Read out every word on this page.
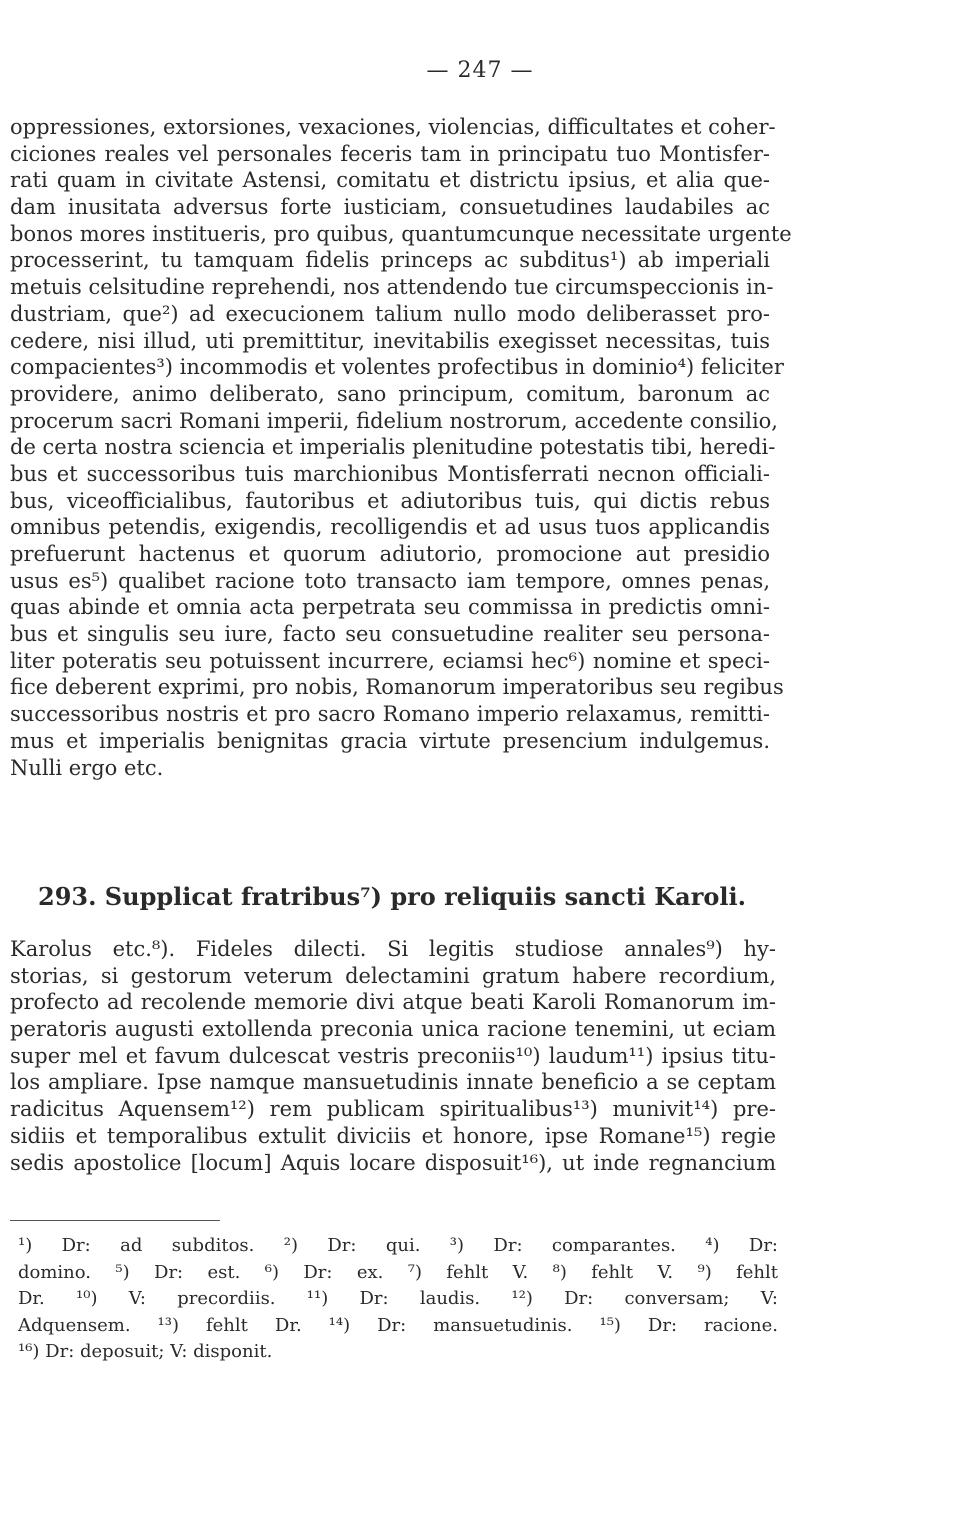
— 247 —
oppressiones, extorsiones, vexaciones, violencias, difficultates et coher-
ciciones reales vel personales feceris tam in principatu tuo Montisfer-
rati quam in civitate Astensi, comitatu et districtu ipsius, et alia que-
dam inusitata adversus forte iusticiam, consuetudines laudabiles ac
bonos mores institueris, pro quibus, quantumcunque necessitate urgente
processerint, tu tamquam fidelis princeps ac subditus¹) ab imperiali
metuis celsitudine reprehendi, nos attendendo tue circumspeccionis in-
dustriam, que²) ad execucionem talium nullo modo deliberasset pro-
cedere, nisi illud, uti premittitur, inevitabilis exegisset necessitas, tuis
compacientes³) incommodis et volentes profectibus in dominio⁴) feliciter
providere, animo deliberato, sano principum, comitum, baronum ac
procerum sacri Romani imperii, fidelium nostrorum, accedente consilio,
de certa nostra sciencia et imperialis plenitudine potestatis tibi, heredi-
bus et successoribus tuis marchionibus Montisferrati necnon officiali-
bus, viceofficialibus, fautoribus et adiutoribus tuis, qui dictis rebus
omnibus petendis, exigendis, recolligendis et ad usus tuos applicandis
prefuerunt hactenus et quorum adiutorio, promocione aut presidio
usus es⁵) qualibet racione toto transacto iam tempore, omnes penas,
quas abinde et omnia acta perpetrata seu commissa in predictis omni-
bus et singulis seu iure, facto seu consuetudine realiter seu persona-
liter poteratis seu potuissent incurrere, eciamsi hec⁶) nomine et speci-
fice deberent exprimi, pro nobis, Romanorum imperatoribus seu regibus
successoribus nostris et pro sacro Romano imperio relaxamus, remitti-
mus et imperialis benignitas gracia virtute presencium indulgemus.
Nulli ergo etc.
293. Supplicat fratribus⁷) pro reliquiis sancti Karoli.
Karolus etc.⁸). Fideles dilecti. Si legitis studiose annales⁹) hy-
storias, si gestorum veterum delectamini gratum habere recordium,
profecto ad recolende memorie divi atque beati Karoli Romanorum im-
peratoris augusti extollenda preconia unica racione tenemini, ut eciam
super mel et favum dulcescat vestris preconiis¹⁰) laudum¹¹) ipsius titu-
los ampliare. Ipse namque mansuetudinis innate beneficio a se ceptam
radicitus Aquensem¹²) rem publicam spiritualibus¹³) munivit¹⁴) pre-
sidiis et temporalibus extulit diviciis et honore, ipse Romane¹⁵) regie
sedis apostolice [locum] Aquis locare disposuit¹⁶), ut inde regnancium
¹) Dr: ad subditos. ²) Dr: qui. ³) Dr: comparantes. ⁴) Dr:
domino. ⁵) Dr: est. ⁶) Dr: ex. ⁷) fehlt V. ⁸) fehlt V. ⁹) fehlt
Dr. ¹⁰) V: precordiis. ¹¹) Dr: laudis. ¹²) Dr: conversam; V:
Adquensem. ¹³) fehlt Dr. ¹⁴) Dr: mansuetudinis. ¹⁵) Dr: racione.
¹⁶) Dr: deposuit; V: disponit.
